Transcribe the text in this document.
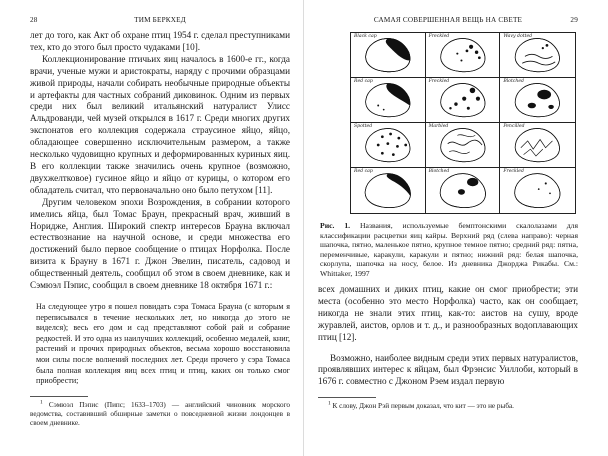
28	ТИМ БЕРКХЕД

лет до того, как Акт об охране птиц 1954 г. сделал преступниками тех, кто до этого был просто чудаками [10].

Коллекционирование птичьих яиц началось в 1600-е гг., когда врачи, ученые мужи и аристократы, наряду с прочими образцами живой природы, начали собирать необычные природные объекты и артефакты для частных собраний диковинок. Одним из первых среди них был великий итальянский натуралист Улисс Альдрованди, чей музей открылся в 1617 г. Среди многих других экспонатов его коллекция содержала страусиное яйцо, яйцо, обладающее совершенно исключительным размером, а также несколько чудовищно крупных и деформированных куриных яиц. В его коллекции также значились очень крупное (возможно, двухжелтковое) гусиное яйцо и яйцо от курицы, о котором его обладатель считал, что первоначально оно было петухом [11].

Другим человеком эпохи Возрождения, в собрании которого имелись яйца, был Томас Браун, прекрасный врач, живший в Норидже, Англия. Широкий спектр интересов Брауна включал естествознание на научной основе, и среди множества его достижений было первое сообщение о птицах Норфолка. После визита к Брауну в 1671 г. Джон Эвелин, писатель, садовод и общественный деятель, сообщил об этом в своем дневнике, как и Сэмюэл Пэпис, сообщил в своем дневнике 18 октября 1671 г.:

На следующее утро я пошел повидать сэра Томаса Брауна (с которым я переписывался в течение нескольких лет, но никогда до этого не виделся); весь его дом и сад представляют собой рай и собрание редкостей. И это одна из наилучших коллекций, особенно медалей, книг, растений и прочих природных объектов, весьма хорошо восстановила мои силы после волнений последних лет. Среди прочего у сэра Томаса была полная коллекция яиц всех птиц и птиц, каких он только смог приобрести;

$^1$ Сэмюэл Пэпис (Пипс; 1633–1703) — английский чиновник морского ведомства, составивший обширные заметки о повседневной жизни лондонцев в своем дневнике.

САМАЯ СОВЕРШЕННАЯ ВЕЩЬ НА СВЕТЕ	29
Black cap	Freckled	Wavy dotted
Red cap	Freckled	Blotched
Spotted	Marbled	Pencilled
Red cap	Blotched	Freckled
Рис. 1. Названия, используемые бемптонскими скалолазами для классификации расцветки яиц кайры. Верхний ряд (слева направо): черная шапочка, пятно, маленькое пятно, крупное темное пятно; средний ряд: пятна, переменчивые, каракули, каракули и пятно; нижний ряд: белая шапочка, скорлупа, шапочка на носу, белое. Из дневника Джорджа Рикабы. См.: Whittaker, 1997

всех домашних и диких птиц, какие он смог приобрести; эти места (особенно это место Норфолка) часто, как он сообщает, никогда не знали этих птиц, как-то: аистов на сушу, вроде журавлей, аистов, орлов и т. д., и разнообразных водоплавающих птиц [12].

Возможно, наиболее видным среди этих первых натуралистов, проявлявших интерес к яйцам, был Фрэнсис Уиллоби, который в 1676 г. совместно с Джоном Рэем издал первую

$^1$ К слову, Джон Рэй первым доказал, что кит — это не рыба.
